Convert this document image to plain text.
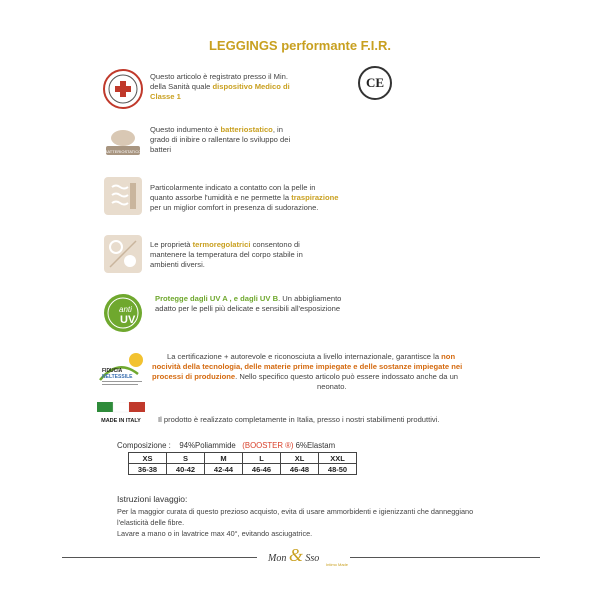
LEGGINGS performante F.I.R.
Questo articolo è registrato presso il Min.
della Sanità quale dispositivo Medico di
Classe 1
CE
BATTERIOSTATICO
Questo indumento è batteriostatico, in
grado di inibire o rallentare lo sviluppo dei
batteri
Particolarmente indicato a contatto con la pelle in
quanto assorbe l'umidità e ne permette la traspirazione
per un miglior comfort in presenza di sudorazione.
Le proprietà termoregolatrici consentono di
mantenere la temperatura del corpo stabile in
ambienti diversi.
anti
UV
Protegge dagli UV A , e dagli UV B. Un abbigliamento
adatto per le pelli più delicate e sensibili all'esposizione
FIDUCIA
NELTESSILE
La certificazione + autorevole e riconosciuta a livello internazionale, garantisce la non
nocività della tecnologia, delle materie prime impiegate e delle sostanze impiegate nei
processi di produzione. Nello specifico questo articolo può essere indossato anche da un
neonato.
MADE IN ITALY Il prodotto è realizzato completamente in Italia, presso i nostri stabilimenti produttivi.
Composizione : 94%Poliammide (BOOSTER ®) 6%Elastam
XS	S	M	L	XL	XXL
36-38	40-42	42-44	46-46	46-48	48-50
Istruzioni lavaggio:
Per la maggior curata di questo prezioso acquisto, evita di usare ammorbidenti e igienizzanti che danneggiano
l'elasticità delle fibre.
Lavare a mano o in lavatrice max 40°, evitando asciugatrice.
Mon & Sso
Intimo Made
